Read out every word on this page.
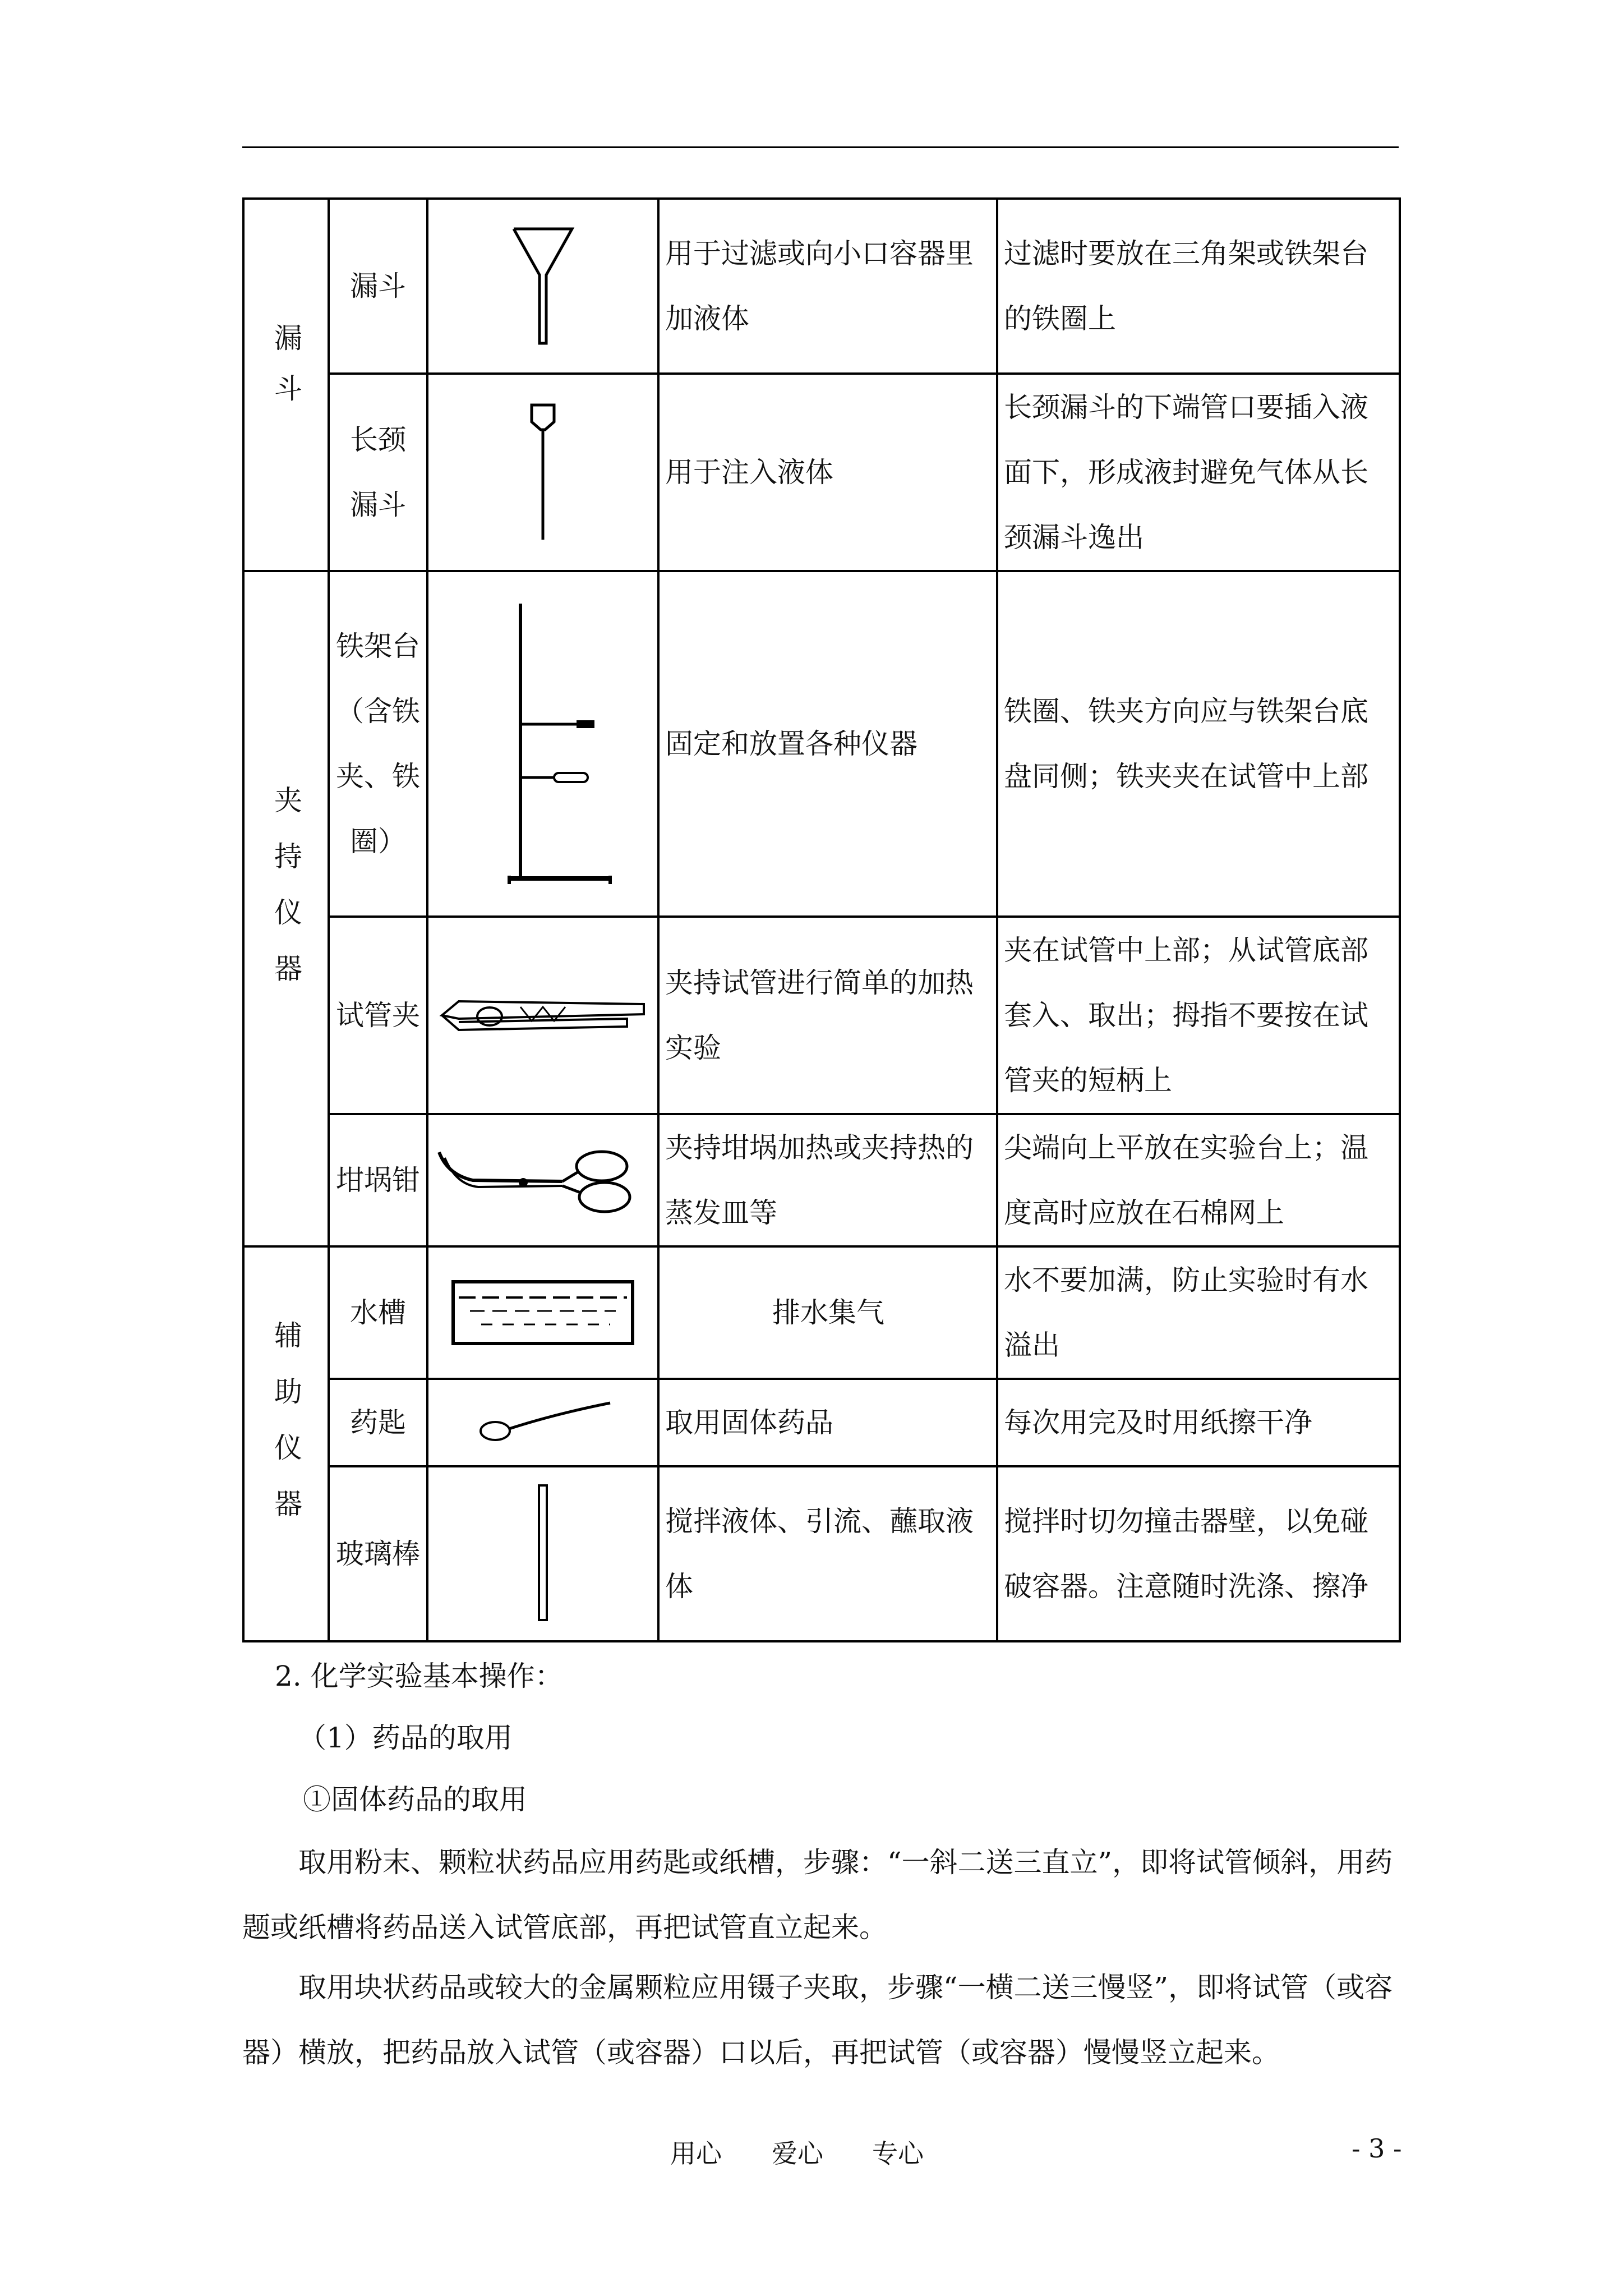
漏斗	漏斗		用于过滤或向小口容器里加液体	过滤时要放在三角架或铁架台的铁圈上
	长颈漏斗		用于注入液体	长颈漏斗的下端管口要插入液面下，形成液封避免气体从长颈漏斗逸出
夹持仪器	铁架台（含铁夹、铁圈）		固定和放置各种仪器	铁圈、铁夹方向应与铁架台底盘同侧；铁夹夹在试管中上部
	试管夹		夹持试管进行简单的加热实验	夹在试管中上部；从试管底部套入、取出；拇指不要按在试管夹的短柄上
	坩埚钳		夹持坩埚加热或夹持热的蒸发皿等	尖端向上平放在实验台上；温度高时应放在石棉网上
辅助仪器	水槽		排水集气	水不要加满，防止实验时有水溢出
	药匙		取用固体药品	每次用完及时用纸擦干净
	玻璃棒		搅拌液体、引流、蘸取液体	搅拌时切勿撞击器壁，以免碰破容器。注意随时洗涤、擦净
2. 化学实验基本操作：
（1）药品的取用
①固体药品的取用
取用粉末、颗粒状药品应用药匙或纸槽，步骤：“一斜二送三直立”，即将试管倾斜，用药题或纸槽将药品送入试管底部，再把试管直立起来。
取用块状药品或较大的金属颗粒应用镊子夹取，步骤“一横二送三慢竖”，即将试管（或容器）横放，把药品放入试管（或容器）口以后，再把试管（或容器）慢慢竖立起来。
用心 爱心 专心	- 3 -
